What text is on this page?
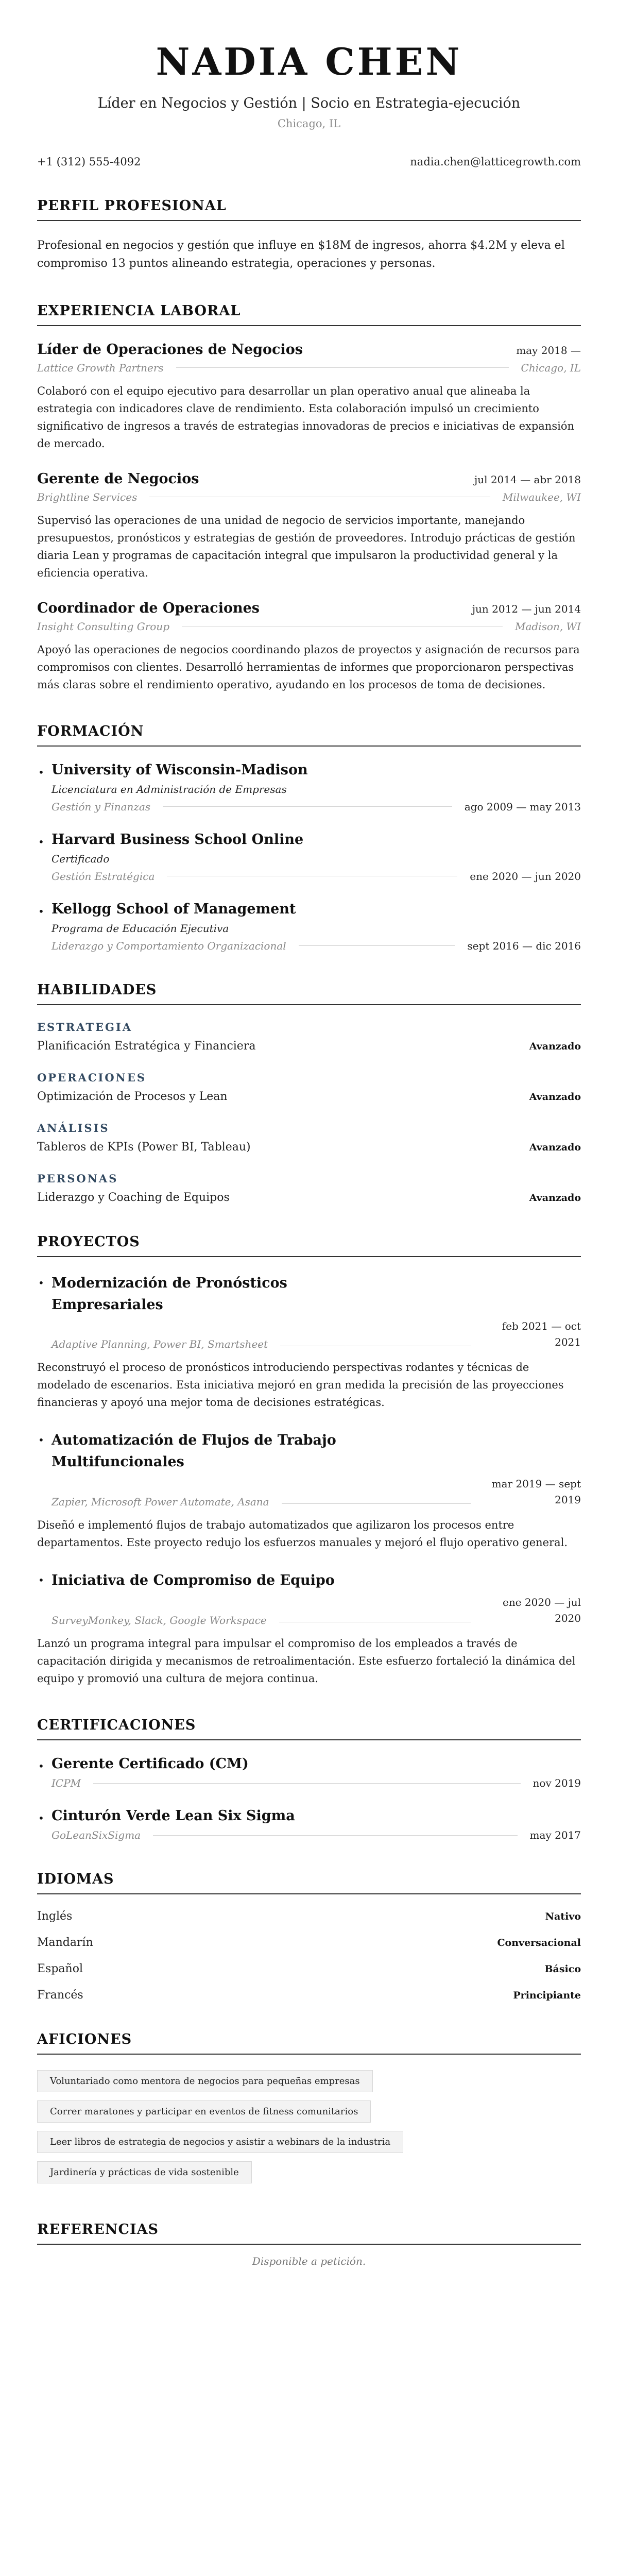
NADIA CHEN
Líder en Negocios y Gestión | Socio en Estrategia-ejecución
Chicago, IL
+1 (312) 555-4092	nadia.chen@latticegrowth.com
PERFIL PROFESIONAL

Profesional en negocios y gestión que influye en $18M de ingresos, ahorra $4.2M y eleva el compromiso 13 puntos alineando estrategia, operaciones y personas.

EXPERIENCIA LABORAL
Líder de Operaciones de Negocios	may 2018 —
Lattice Growth Partners	Chicago, IL

Colaboró con el equipo ejecutivo para desarrollar un plan operativo anual que alineaba la estrategia con indicadores clave de rendimiento. Esta colaboración impulsó un crecimiento significativo de ingresos a través de estrategias innovadoras de precios e iniciativas de expansión de mercado.

Gerente de Negocios	jul 2014 — abr 2018
Brightline Services	Milwaukee, WI

Supervisó las operaciones de una unidad de negocio de servicios importante, manejando presupuestos, pronósticos y estrategias de gestión de proveedores. Introdujo prácticas de gestión diaria Lean y programas de capacitación integral que impulsaron la productividad general y la eficiencia operativa.

Coordinador de Operaciones	jun 2012 — jun 2014
Insight Consulting Group	Madison, WI

Apoyó las operaciones de negocios coordinando plazos de proyectos y asignación de recursos para compromisos con clientes. Desarrolló herramientas de informes que proporcionaron perspectivas más claras sobre el rendimiento operativo, ayudando en los procesos de toma de decisiones.

FORMACIÓN
• University of Wisconsin-Madison
Licenciatura en Administración de Empresas
Gestión y Finanzas	ago 2009 — may 2013
• Harvard Business School Online
Certificado
Gestión Estratégica	ene 2020 — jun 2020
• Kellogg School of Management
Programa de Educación Ejecutiva
Liderazgo y Comportamiento Organizacional	sept 2016 — dic 2016
HABILIDADES
ESTRATEGIA
Planificación Estratégica y Financiera	Avanzado
OPERACIONES
Optimización de Procesos y Lean	Avanzado
ANÁLISIS
Tableros de KPIs (Power BI, Tableau)	Avanzado
PERSONAS
Liderazgo y Coaching de Equipos	Avanzado
PROYECTOS
• Modernización de Pronósticos Empresariales
Adaptive Planning, Power BI, Smartsheet
feb 2021 — oct 2021

Reconstruyó el proceso de pronósticos introduciendo perspectivas rodantes y técnicas de modelado de escenarios. Esta iniciativa mejoró en gran medida la precisión de las proyecciones financieras y apoyó una mejor toma de decisiones estratégicas.

• Automatización de Flujos de Trabajo Multifuncionales
Zapier, Microsoft Power Automate, Asana
mar 2019 — sept 2019

Diseñó e implementó flujos de trabajo automatizados que agilizaron los procesos entre departamentos. Este proyecto redujo los esfuerzos manuales y mejoró el flujo operativo general.

• Iniciativa de Compromiso de Equipo
SurveyMonkey, Slack, Google Workspace
ene 2020 — jul 2020

Lanzó un programa integral para impulsar el compromiso de los empleados a través de capacitación dirigida y mecanismos de retroalimentación. Este esfuerzo fortaleció la dinámica del equipo y promovió una cultura de mejora continua.

CERTIFICACIONES
• Gerente Certificado (CM)
ICPM	nov 2019
• Cinturón Verde Lean Six Sigma
GoLeanSixSigma	may 2017
IDIOMAS
Inglés	Nativo
Mandarín	Conversacional
Español	Básico
Francés	Principiante
AFICIONES
Voluntariado como mentora de negocios para pequeñas empresas
Correr maratones y participar en eventos de fitness comunitarios
Leer libros de estrategia de negocios y asistir a webinars de la industria
Jardinería y prácticas de vida sostenible
REFERENCIAS
Disponible a petición.
